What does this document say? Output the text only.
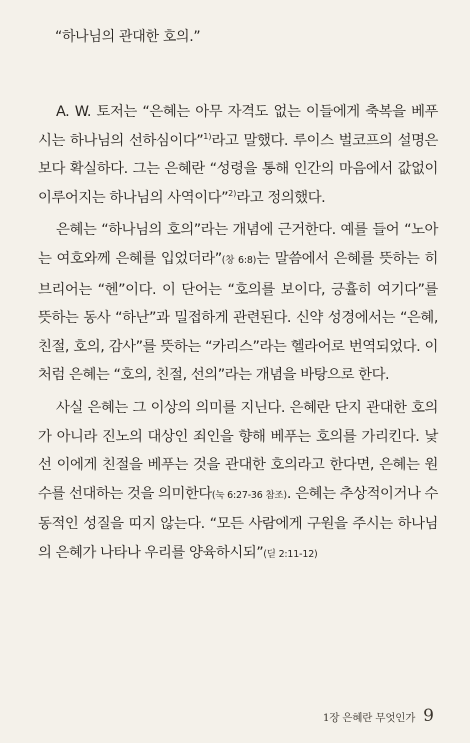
“하나님의 관대한 호의.”

A. W. 토저는 “은혜는 아무 자격도 없는 이들에게 축복을 베푸시는 하나님의 선하심이다”$^{1)}$라고 말했다. 루이스 벌코프의 설명은 보다 확실하다. 그는 은혜란 “성령을 통해 인간의 마음에서 값없이 이루어지는 하나님의 사역이다”$^{2)}$라고 정의했다.

은혜는 “하나님의 호의”라는 개념에 근거한다. 예를 들어 “노아는 여호와께 은혜를 입었더라”(창 6:8)는 말씀에서 은혜를 뜻하는 히브리어는 “헨”이다. 이 단어는 “호의를 보이다, 긍휼히 여기다”를 뜻하는 동사 “하난”과 밀접하게 관련된다. 신약 성경에서는 “은혜, 친절, 호의, 감사”를 뜻하는 “카리스”라는 헬라어로 번역되었다. 이처럼 은혜는 “호의, 친절, 선의”라는 개념을 바탕으로 한다.

사실 은혜는 그 이상의 의미를 지닌다. 은혜란 단지 관대한 호의가 아니라 진노의 대상인 죄인을 향해 베푸는 호의를 가리킨다. 낯선 이에게 친절을 베푸는 것을 관대한 호의라고 한다면, 은혜는 원수를 선대하는 것을 의미한다(눅 6:27-36 참조). 은혜는 추상적이거나 수동적인 성질을 띠지 않는다. “모든 사람에게 구원을 주시는 하나님의 은혜가 나타나 우리를 양육하시되”(딛 2:11-12)

1장 은혜란 무엇인가 9
